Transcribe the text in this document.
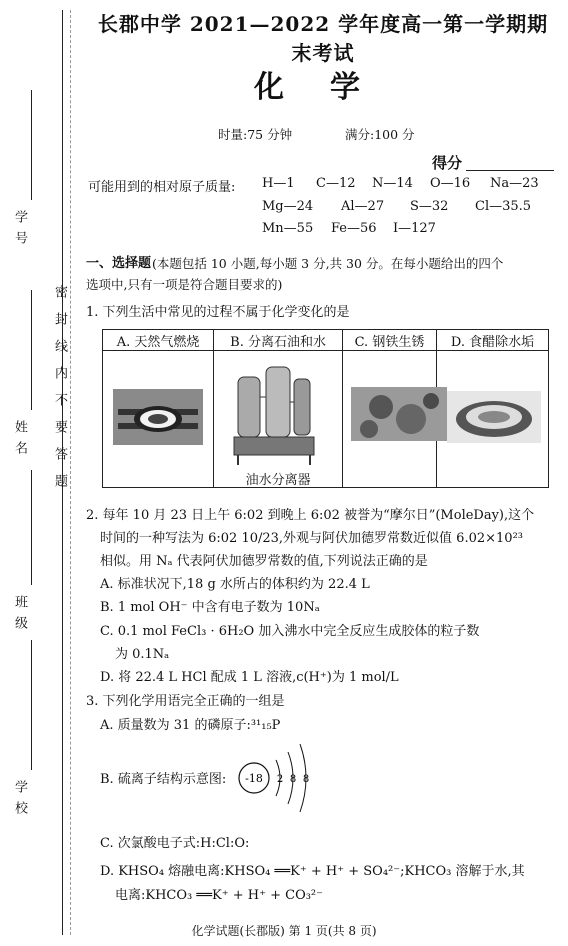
学 号
姓 名
班 级
学 校
密封线内不要答题
长郡中学 2021—2022 学年度高一第一学期期末考试
化学
时量:75 分钟	满分:100 分
得分
可能用到的相对原子质量: H—1 C—12 N—14 O—16 Na—23
Mg—24 Al—27 S—32 Cl—35.5
Mn—55 Fe—56 I—127
一、选择题 (本题包括 10 小题,每小题 3 分,共 30 分。在每小题给出的四个
选项中,只有一项是符合题目要求的)
1. 下列生活中常见的过程不属于化学变化的是
A. 天然气燃烧	B. 分离石油和水	C. 钢铁生锈	D. 食醋除水垢

油水分离器

2. 每年 10 月 23 日上午 6:02 到晚上 6:02 被誉为“摩尔日”(MoleDay),这个
时间的一种写法为 6:02 10/23,外观与阿伏加德罗常数近似值 6.02×10²³
相似。用 Nₐ 代表阿伏加德罗常数的值,下列说法正确的是
A. 标准状况下,18 g 水所占的体积约为 22.4 L
B. 1 mol OH⁻ 中含有电子数为 10Nₐ
C. 0.1 mol FeCl₃ · 6H₂O 加入沸水中完全反应生成胶体的粒子数
为 0.1Nₐ
D. 将 22.4 L HCl 配成 1 L 溶液,c(H⁺)为 1 mol/L
3. 下列化学用语完全正确的一组是
A. 质量数为 31 的磷原子:³¹₁₅P
B. 硫离子结构示意图: -18 2 8 8
C. 次氯酸电子式:H:Cl:O:
D. KHSO₄ 熔融电离:KHSO₄ ══K⁺ + H⁺ + SO₄²⁻;KHCO₃ 溶解于水,其
电离:KHCO₃ ══K⁺ + H⁺ + CO₃²⁻
化学试题(长郡版) 第 1 页(共 8 页)
